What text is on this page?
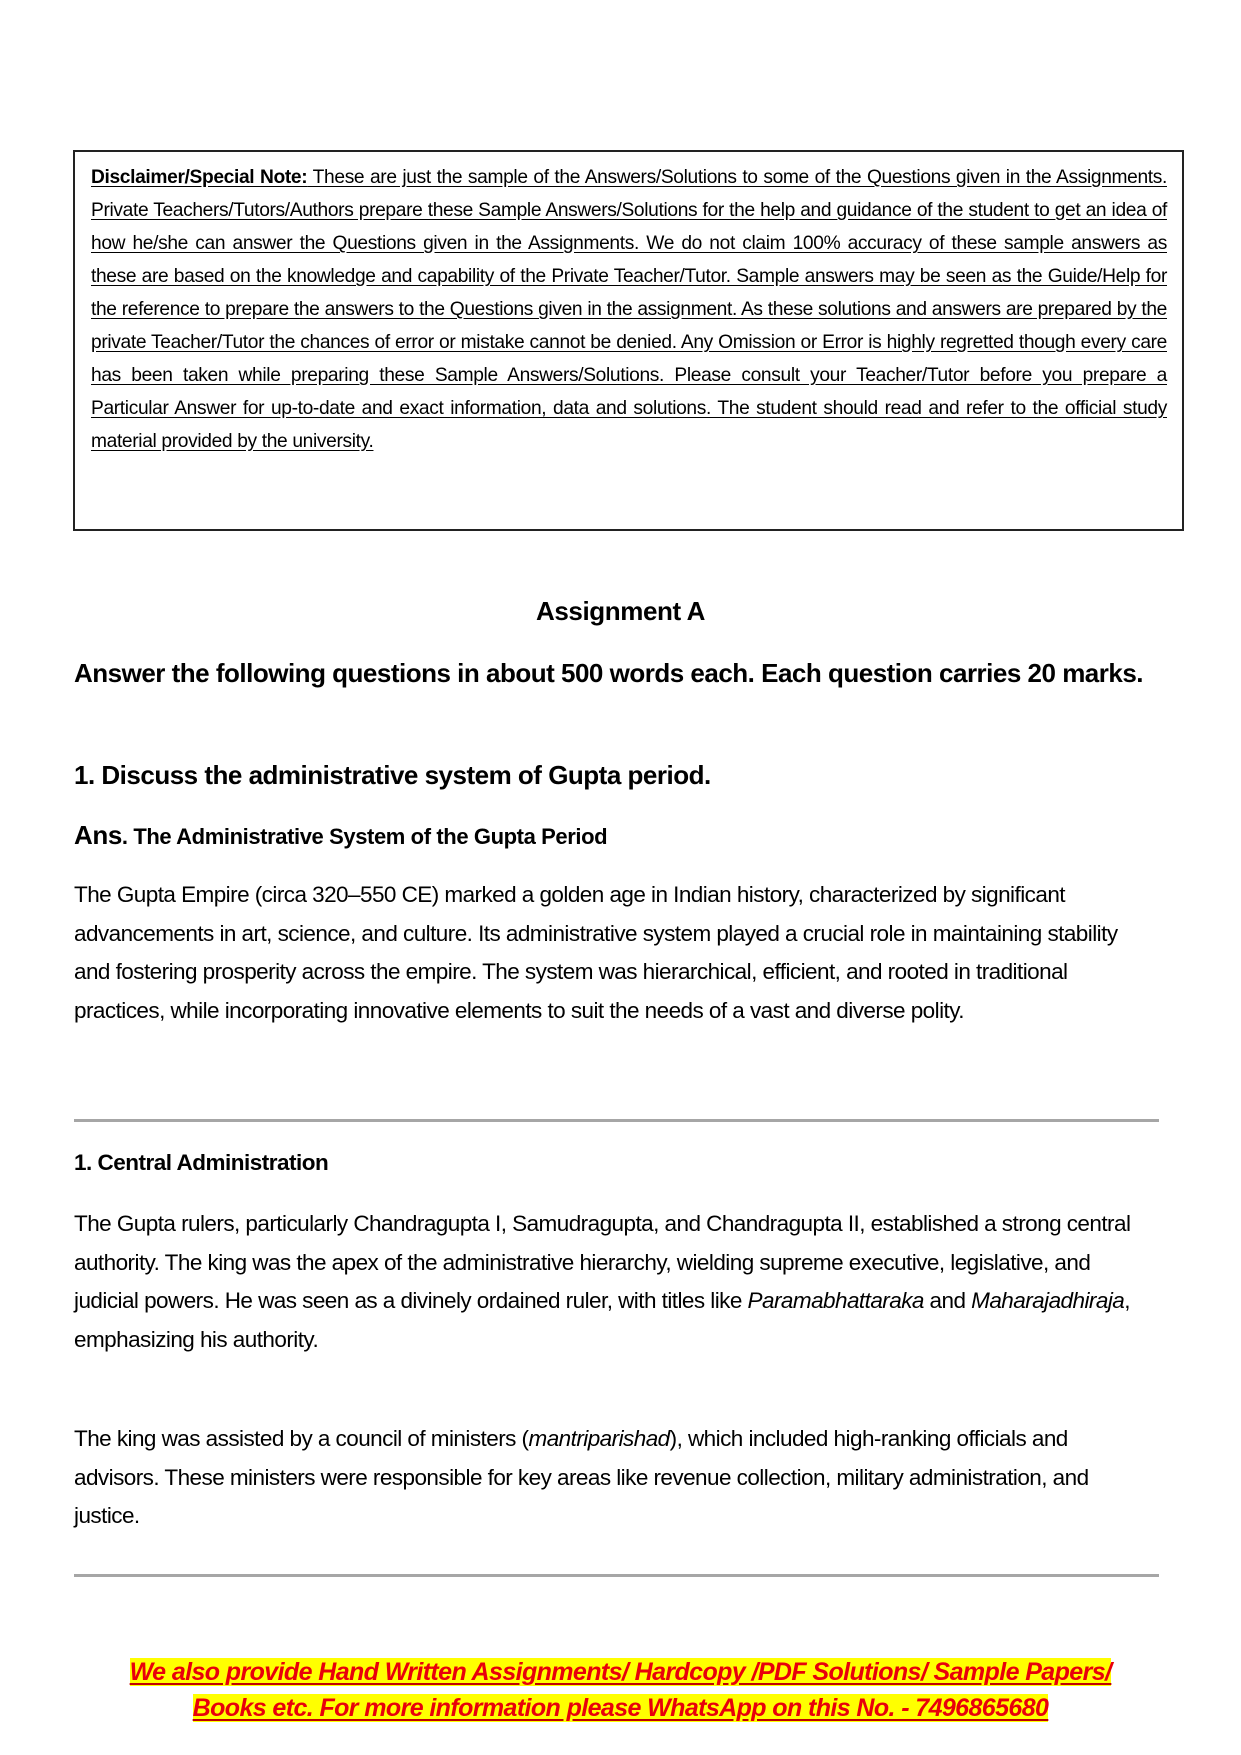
Disclaimer/Special Note: These are just the sample of the Answers/Solutions to some of the Questions given in the Assignments. Private Teachers/Tutors/Authors prepare these Sample Answers/Solutions for the help and guidance of the student to get an idea of how he/she can answer the Questions given in the Assignments. We do not claim 100% accuracy of these sample answers as these are based on the knowledge and capability of the Private Teacher/Tutor. Sample answers may be seen as the Guide/Help for the reference to prepare the answers to the Questions given in the assignment. As these solutions and answers are prepared by the private Teacher/Tutor the chances of error or mistake cannot be denied. Any Omission or Error is highly regretted though every care has been taken while preparing these Sample Answers/Solutions. Please consult your Teacher/Tutor before you prepare a Particular Answer for up-to-date and exact information, data and solutions. The student should read and refer to the official study material provided by the university.
Assignment A
Answer the following questions in about 500 words each. Each question carries 20 marks.
1. Discuss the administrative system of Gupta period.
Ans. The Administrative System of the Gupta Period
The Gupta Empire (circa 320–550 CE) marked a golden age in Indian history, characterized by significant advancements in art, science, and culture. Its administrative system played a crucial role in maintaining stability and fostering prosperity across the empire. The system was hierarchical, efficient, and rooted in traditional practices, while incorporating innovative elements to suit the needs of a vast and diverse polity.
1. Central Administration
The Gupta rulers, particularly Chandragupta I, Samudragupta, and Chandragupta II, established a strong central authority. The king was the apex of the administrative hierarchy, wielding supreme executive, legislative, and judicial powers. He was seen as a divinely ordained ruler, with titles like Paramabhattaraka and Maharajadhiraja, emphasizing his authority.
The king was assisted by a council of ministers (mantriparishad), which included high-ranking officials and advisors. These ministers were responsible for key areas like revenue collection, military administration, and justice.
We also provide Hand Written Assignments/ Hardcopy /PDF Solutions/ Sample Papers/
Books etc. For more information please WhatsApp on this No. - 7496865680
